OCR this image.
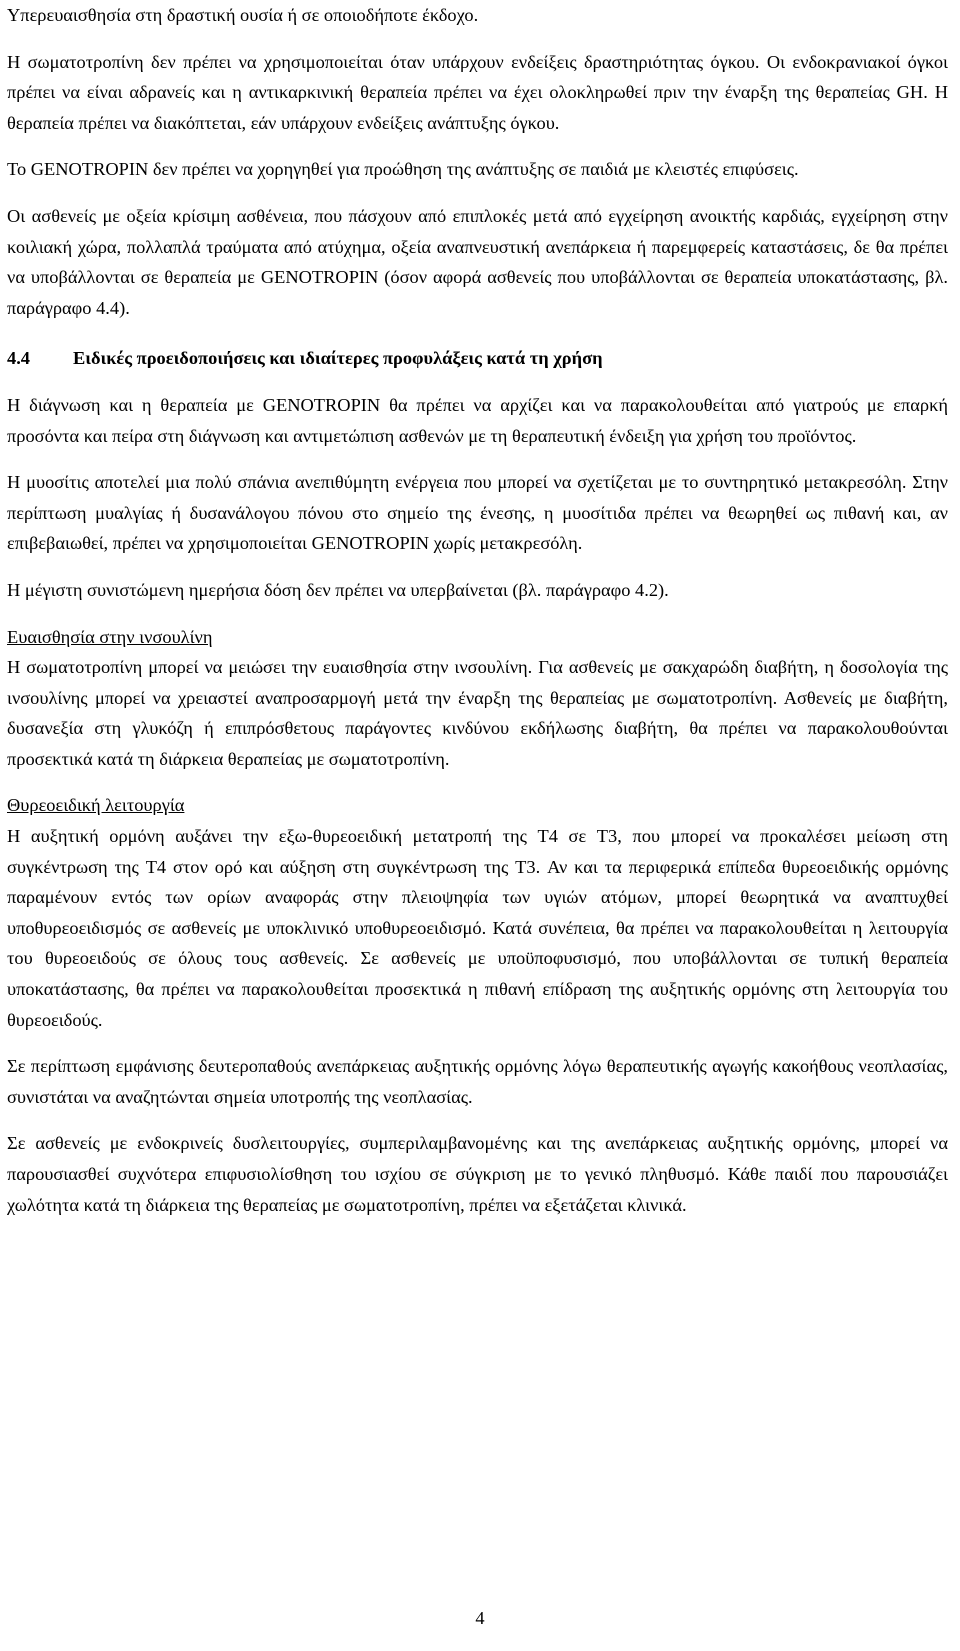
Υπερευαισθησία στη δραστική ουσία ή σε οποιοδήποτε έκδοχο.

Η σωματοτροπίνη δεν πρέπει να χρησιμοποιείται όταν υπάρχουν ενδείξεις δραστηριότητας όγκου. Οι ενδοκρανιακοί όγκοι πρέπει να είναι αδρανείς και η αντικαρκινική θεραπεία πρέπει να έχει ολοκληρωθεί πριν την έναρξη της θεραπείας GH. Η θεραπεία πρέπει να διακόπτεται, εάν υπάρχουν ενδείξεις ανάπτυξης όγκου.

Το GENOTROPIN δεν πρέπει να χορηγηθεί για προώθηση της ανάπτυξης σε παιδιά με κλειστές επιφύσεις.

Οι ασθενείς με οξεία κρίσιμη ασθένεια, που πάσχουν από επιπλοκές μετά από εγχείρηση ανοικτής καρδιάς, εγχείρηση στην κοιλιακή χώρα, πολλαπλά τραύματα από ατύχημα, οξεία αναπνευστική ανεπάρκεια ή παρεμφερείς καταστάσεις, δε θα πρέπει να υποβάλλονται σε θεραπεία με GENOTROPIN (όσον αφορά ασθενείς που υποβάλλονται σε θεραπεία υποκατάστασης, βλ. παράγραφο 4.4).

4.4	Ειδικές προειδοποιήσεις και ιδιαίτερες προφυλάξεις κατά τη χρήση

Η διάγνωση και η θεραπεία με GENOTROPIN θα πρέπει να αρχίζει και να παρακολουθείται από γιατρούς με επαρκή προσόντα και πείρα στη διάγνωση και αντιμετώπιση ασθενών με τη θεραπευτική ένδειξη για χρήση του προϊόντος.

Η μυοσίτις αποτελεί μια πολύ σπάνια ανεπιθύμητη ενέργεια που μπορεί να σχετίζεται με το συντηρητικό μετακρεσόλη. Στην περίπτωση μυαλγίας ή δυσανάλογου πόνου στο σημείο της ένεσης, η μυοσίτιδα πρέπει να θεωρηθεί ως πιθανή και, αν επιβεβαιωθεί, πρέπει να χρησιμοποιείται GENOTROPIN χωρίς μετακρεσόλη.

Η μέγιστη συνιστώμενη ημερήσια δόση δεν πρέπει να υπερβαίνεται (βλ. παράγραφο 4.2).

Ευαισθησία στην ινσουλίνη

Η σωματοτροπίνη μπορεί να μειώσει την ευαισθησία στην ινσουλίνη. Για ασθενείς με σακχαρώδη διαβήτη, η δοσολογία της ινσουλίνης μπορεί να χρειαστεί αναπροσαρμογή μετά την έναρξη της θεραπείας με σωματοτροπίνη. Ασθενείς με διαβήτη, δυσανεξία στη γλυκόζη ή επιπρόσθετους παράγοντες κινδύνου εκδήλωσης διαβήτη, θα πρέπει να παρακολουθούνται προσεκτικά κατά τη διάρκεια θεραπείας με σωματοτροπίνη.

Θυρεοειδική λειτουργία

Η αυξητική ορμόνη αυξάνει την εξω-θυρεοειδική μετατροπή της T4 σε T3, που μπορεί να προκαλέσει μείωση στη συγκέντρωση της T4 στον ορό και αύξηση στη συγκέντρωση της T3. Αν και τα περιφερικά επίπεδα θυρεοειδικής ορμόνης παραμένουν εντός των ορίων αναφοράς στην πλειοψηφία των υγιών ατόμων, μπορεί θεωρητικά να αναπτυχθεί υποθυρεοειδισμός σε ασθενείς με υποκλινικό υποθυρεοειδισμό. Κατά συνέπεια, θα πρέπει να παρακολουθείται η λειτουργία του θυρεοειδούς σε όλους τους ασθενείς. Σε ασθενείς με υποϋποφυσισμό, που υποβάλλονται σε τυπική θεραπεία υποκατάστασης, θα πρέπει να παρακολουθείται προσεκτικά η πιθανή επίδραση της αυξητικής ορμόνης στη λειτουργία του θυρεοειδούς.

Σε περίπτωση εμφάνισης δευτεροπαθούς ανεπάρκειας αυξητικής ορμόνης λόγω θεραπευτικής αγωγής κακοήθους νεοπλασίας, συνιστάται να αναζητώνται σημεία υποτροπής της νεοπλασίας.

Σε ασθενείς με ενδοκρινείς δυσλειτουργίες, συμπεριλαμβανομένης και της ανεπάρκειας αυξητικής ορμόνης, μπορεί να παρουσιασθεί συχνότερα επιφυσιολίσθηση του ισχίου σε σύγκριση με το γενικό πληθυσμό. Κάθε παιδί που παρουσιάζει χωλότητα κατά τη διάρκεια της θεραπείας με σωματοτροπίνη, πρέπει να εξετάζεται κλινικά.

4
